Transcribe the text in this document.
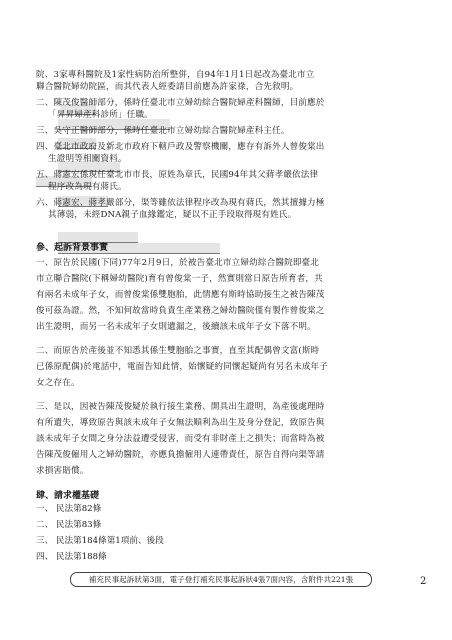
院、3家專科醫院及1家性病防治所整併，自94年1月1日起改為臺北市立
聯合醫院婦幼院區，而其代表人經委請目前應為許家祿，合先敘明。
二、陳茂俊醫師部分，係時任臺北市立婦幼綜合醫院婦產科醫師，目前應於
「昇昇婦產科診所」任職。
三、吳守正醫師部分，係時任臺北市立婦幼綜合醫院婦產科主任。
四、臺北市政府及新北市政府下轄戶政及警察機關，應存有訴外人曾俊棠出
生證明等相關資料。
五、蔣憲宏係現任臺北市市長，原姓為章氏，民國94年其父蔣孝嚴依法律
程序改為現有蔣氏。
六、蔣憲宏、蔣孝嚴部分，渠等雖依法律程序改為現有蔣氏，然其擅據力極
其薄弱，未經DNA親子血緣鑑定，疑以不正手段取得現有姓氏。
參、起訴背景事實
一、原告於民國(下同)77年2月9日，於被告臺北市立婦幼綜合醫院即臺北
市立聯合醫院(下稱婦幼醫院)育有曾俊棠一子，然實則當日原告所育者，共
有兩名未成年子女，而曾俊棠係雙胞胎，此情應有斯時協助接生之被告陳茂
俊可茲為證。然，不知何故當時負責生產業務之婦幼醫院僅有製作曾俊棠之
出生證明，而另一名未成年子女則遺漏之，後續該未成年子女下落不明。
二、而原告於產後並不知悉其係生雙胞胎之事實，直至其配偶曾文富(斯時
已係原配偶)於電話中，電面告知此情，始懷疑約同懷起疑尚有另名未成年子
女之存在。
三、是以，因被告陳茂俊疑於執行接生業務、開具出生證明，為產後處理時
有所遺失，導致原告與該未成年子女無法順利為出生及身分登記，致原告與
該未成年子女間之身分法益遭受侵害，而受有非財產上之損失；而當時為被
告陳茂俊僱用人之婦幼醫院，亦應負擔僱用人連帶責任，原告自得向渠等請
求損害賠償。
肆、請求權基礎
一、 民法第82條
二、 民法第83條
三、 民法第184條第1項前、後段
四、 民法第188條
補充民事起訴狀第3面，電子登打補充民事起訴狀4張7面內容，含附件共221張	2
